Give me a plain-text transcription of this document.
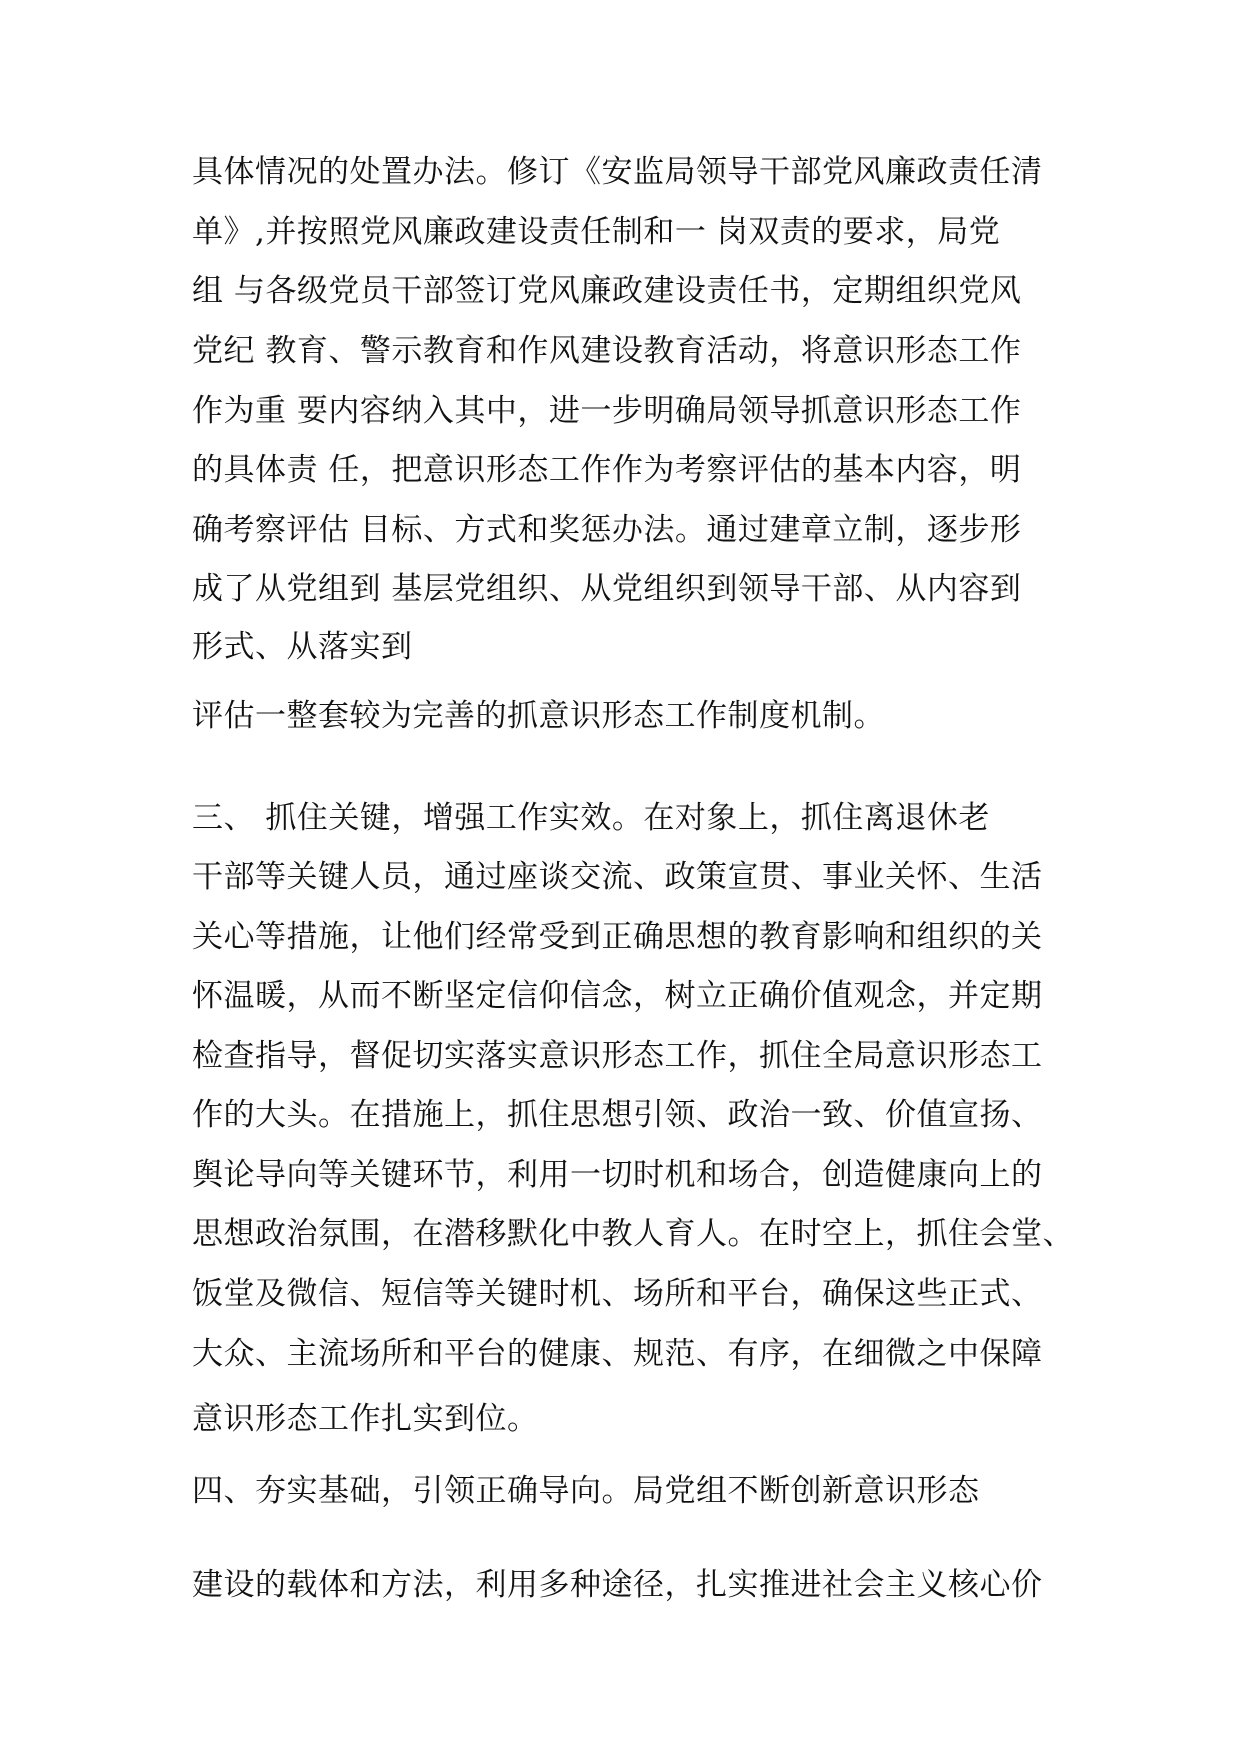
具体情况的处置办法。修订《安监局领导干部党风廉政责任清
单》,并按照党风廉政建设责任制和一 岗双责的要求，局党
组 与各级党员干部签订党风廉政建设责任书，定期组织党风
党纪 教育、警示教育和作风建设教育活动，将意识形态工作
作为重 要内容纳入其中，进一步明确局领导抓意识形态工作
的具体责 任，把意识形态工作作为考察评估的基本内容，明
确考察评估 目标、方式和奖惩办法。通过建章立制，逐步形
成了从党组到 基层党组织、从党组织到领导干部、从内容到
形式、从落实到
评估一整套较为完善的抓意识形态工作制度机制。
三、 抓住关键，增强工作实效。在对象上，抓住离退休老
干部等关键人员，通过座谈交流、政策宣贯、事业关怀、生活
关心等措施，让他们经常受到正确思想的教育影响和组织的关
怀温暖，从而不断坚定信仰信念，树立正确价值观念，并定期
检查指导，督促切实落实意识形态工作，抓住全局意识形态工
作的大头。在措施上，抓住思想引领、政治一致、价值宣扬、
舆论导向等关键环节，利用一切时机和场合，创造健康向上的
思想政治氛围，在潜移默化中教人育人。在时空上，抓住会堂、
饭堂及微信、短信等关键时机、场所和平台，确保这些正式、
大众、主流场所和平台的健康、规范、有序，在细微之中保障
意识形态工作扎实到位。
四、夯实基础，引领正确导向。局党组不断创新意识形态
建设的载体和方法，利用多种途径，扎实推进社会主义核心价
